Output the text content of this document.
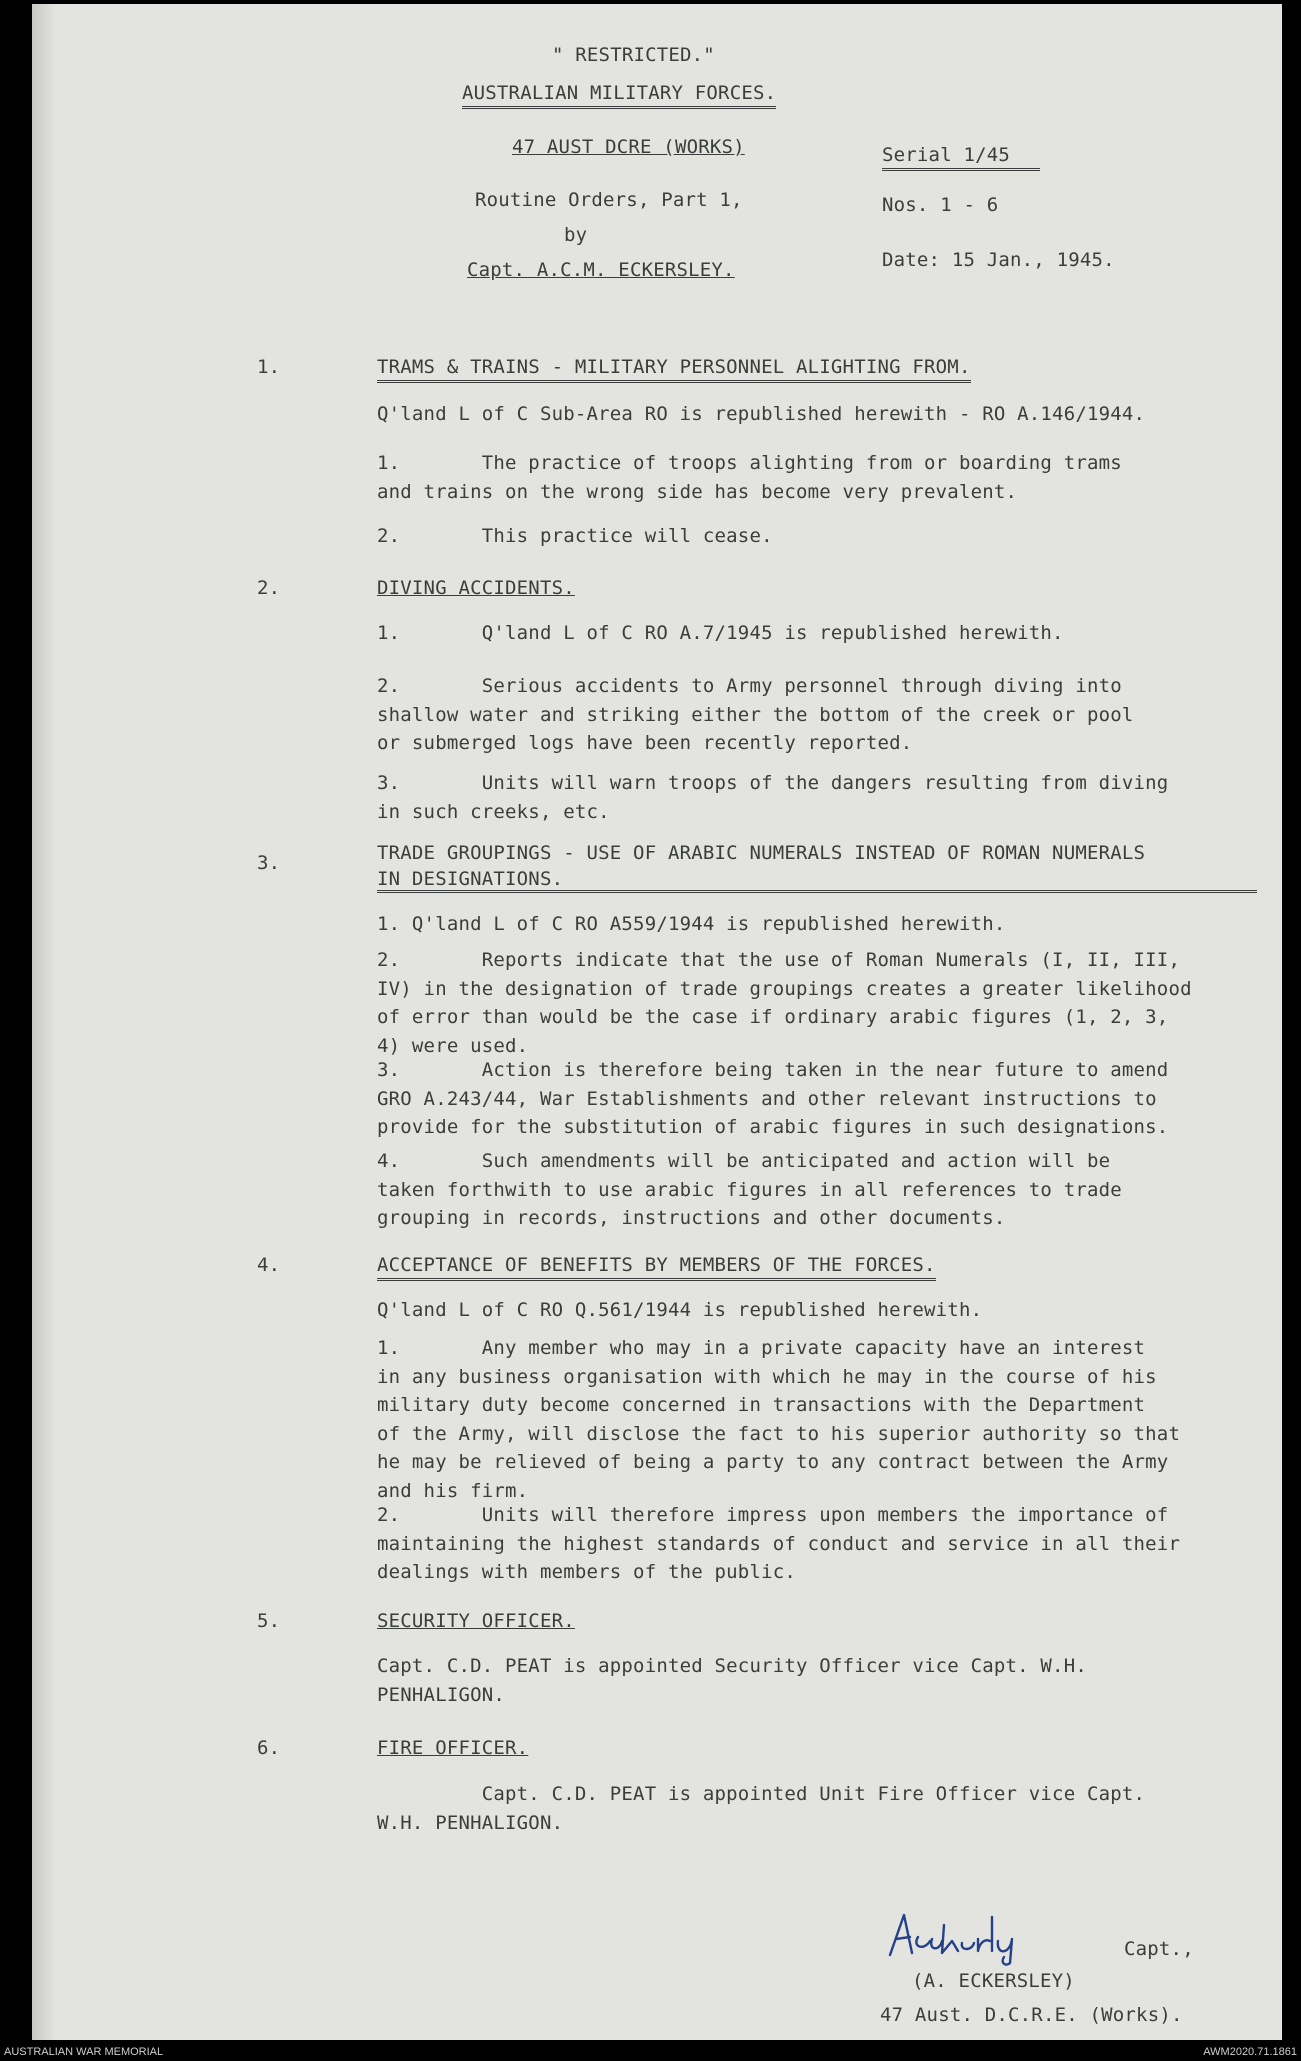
" RESTRICTED."
AUSTRALIAN MILITARY FORCES.
47 AUST DCRE (WORKS)
Routine Orders, Part 1,
by
Capt. A.C.M. ECKERSLEY.
Serial 1/45
Nos. 1 - 6
Date: 15 Jan., 1945.
1.	TRAMS & TRAINS - MILITARY PERSONNEL ALIGHTING FROM.
Q'land L of C Sub-Area RO is republished herewith - RO A.146/1944.
1.       The practice of troops alighting from or boarding trams
and trains on the wrong side has become very prevalent.
2.       This practice will cease.
2.	DIVING ACCIDENTS.
1.       Q'land L of C RO A.7/1945 is republished herewith.
2.       Serious accidents to Army personnel through diving into
shallow water and striking either the bottom of the creek or pool
or submerged logs have been recently reported.
3.       Units will warn troops of the dangers resulting from diving
in such creeks, etc.
3.	TRADE GROUPINGS - USE OF ARABIC NUMERALS INSTEAD OF ROMAN NUMERALS
IN DESIGNATIONS.
1. Q'land L of C RO A559/1944 is republished herewith.
2.       Reports indicate that the use of Roman Numerals (I, II, III,
IV) in the designation of trade groupings creates a greater likelihood
of error than would be the case if ordinary arabic figures (1, 2, 3,
4) were used.
3.       Action is therefore being taken in the near future to amend
GRO A.243/44, War Establishments and other relevant instructions to
provide for the substitution of arabic figures in such designations.
4.       Such amendments will be anticipated and action will be
taken forthwith to use arabic figures in all references to trade
grouping in records, instructions and other documents.
4.	ACCEPTANCE OF BENEFITS BY MEMBERS OF THE FORCES.
Q'land L of C RO Q.561/1944 is republished herewith.
1.       Any member who may in a private capacity have an interest
in any business organisation with which he may in the course of his
military duty become concerned in transactions with the Department
of the Army, will disclose the fact to his superior authority so that
he may be relieved of being a party to any contract between the Army
and his firm.
2.       Units will therefore impress upon members the importance of
maintaining the highest standards of conduct and service in all their
dealings with members of the public.
5.	SECURITY OFFICER.
Capt. C.D. PEAT is appointed Security Officer vice Capt. W.H.
PENHALIGON.
6.	FIRE OFFICER.
Capt. C.D. PEAT is appointed Unit Fire Officer vice Capt.
W.H. PENHALIGON.
Capt.,
(A. ECKERSLEY)
47 Aust. D.C.R.E. (Works).
AUSTRALIAN WAR MEMORIAL	AWM2020.71.1861
